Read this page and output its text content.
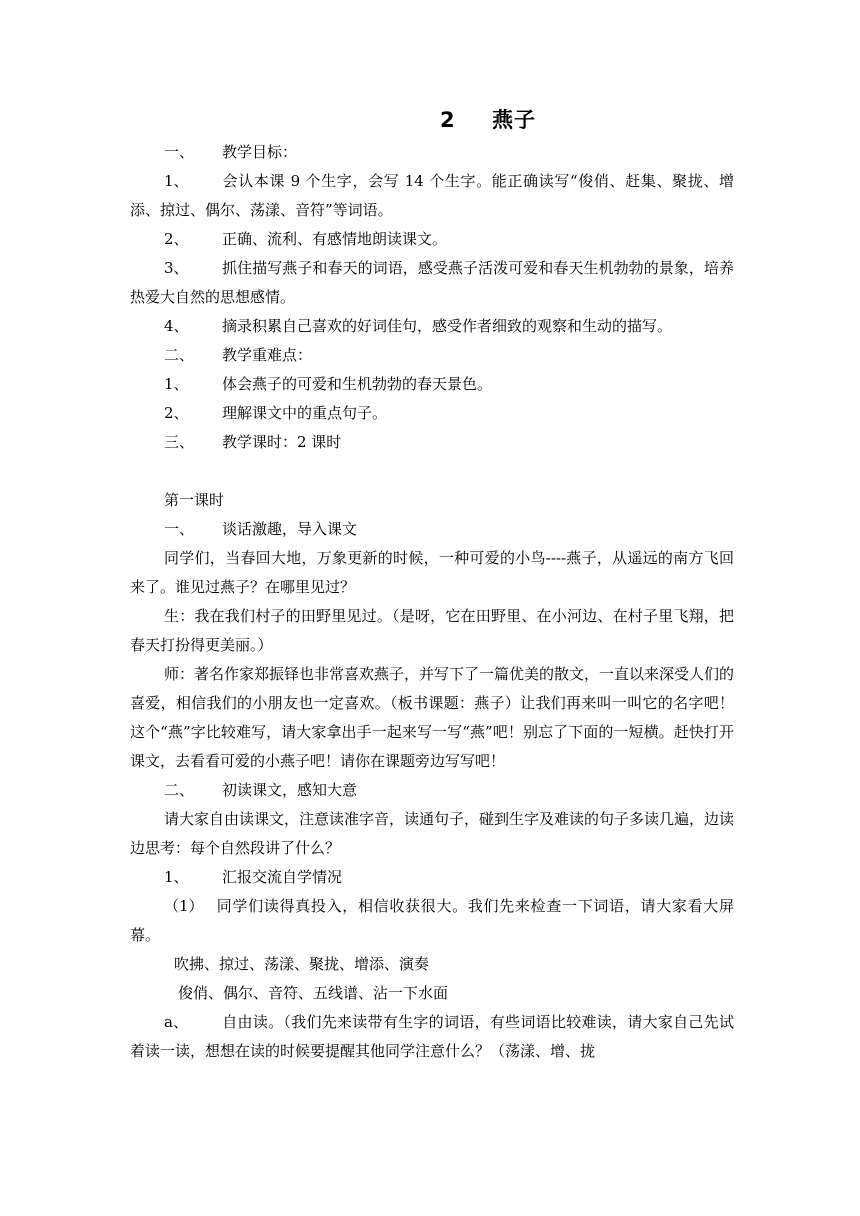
2 燕子

一、 教学目标：

1、 会认本课 9 个生字，会写 14 个生字。能正确读写“俊俏、赶集、聚拢、增添、掠过、偶尔、荡漾、音符”等词语。

2、 正确、流利、有感情地朗读课文。

3、 抓住描写燕子和春天的词语，感受燕子活泼可爱和春天生机勃勃的景象，培养热爱大自然的思想感情。

4、 摘录积累自己喜欢的好词佳句，感受作者细致的观察和生动的描写。

二、 教学重难点：

1、 体会燕子的可爱和生机勃勃的春天景色。

2、 理解课文中的重点句子。

三、 教学课时：2 课时

第一课时

一、 谈话激趣，导入课文

同学们，当春回大地，万象更新的时候，一种可爱的小鸟----燕子，从遥远的南方飞回来了。谁见过燕子？在哪里见过？

生：我在我们村子的田野里见过。（是呀，它在田野里、在小河边、在村子里飞翔，把春天打扮得更美丽。）

师：著名作家郑振铎也非常喜欢燕子，并写下了一篇优美的散文，一直以来深受人们的喜爱，相信我们的小朋友也一定喜欢。（板书课题：燕子）让我们再来叫一叫它的名字吧！这个“燕”字比较难写，请大家拿出手一起来写一写“燕”吧！别忘了下面的一短横。赶快打开课文，去看看可爱的小燕子吧！请你在课题旁边写写吧！

二、 初读课文，感知大意

请大家自由读课文，注意读准字音，读通句子，碰到生字及难读的句子多读几遍，边读边思考：每个自然段讲了什么？

1、 汇报交流自学情况

（1） 同学们读得真投入，相信收获很大。我们先来检查一下词语，请大家看大屏幕。

吹拂、掠过、荡漾、聚拢、增添、演奏

俊俏、偶尔、音符、五线谱、沾一下水面

a、 自由读。（我们先来读带有生字的词语，有些词语比较难读，请大家自己先试着读一读，想想在读的时候要提醒其他同学注意什么？（荡漾、增、拢
